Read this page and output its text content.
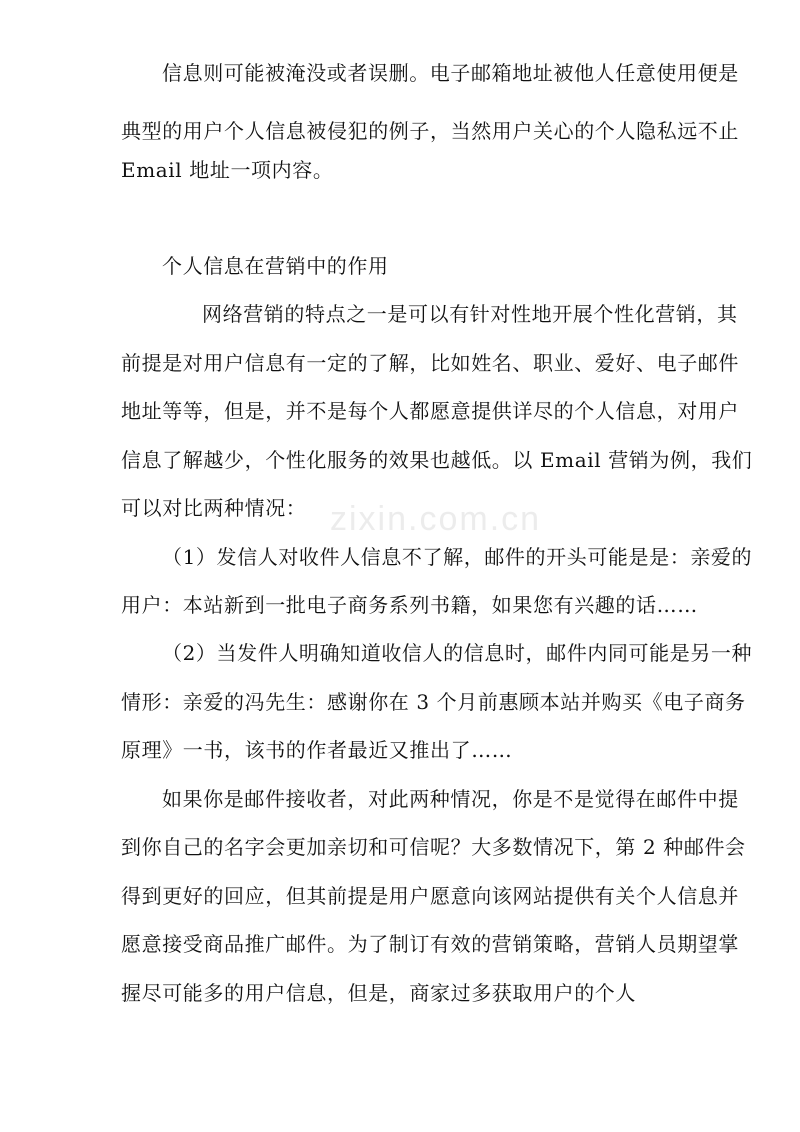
zixin.com.cn
信息则可能被淹没或者误删。电子邮箱地址被他人任意使用便是
典型的用户个人信息被侵犯的例子，当然用户关心的个人隐私远不止
Email 地址一项内容。
个人信息在营销中的作用
网络营销的特点之一是可以有针对性地开展个性化营销，其
前提是对用户信息有一定的了解，比如姓名、职业、爱好、电子邮件
地址等等，但是，并不是每个人都愿意提供详尽的个人信息，对用户
信息了解越少，个性化服务的效果也越低。以 Email 营销为例，我们
可以对比两种情况：
（1）发信人对收件人信息不了解，邮件的开头可能是是：亲爱的
用户：本站新到一批电子商务系列书籍，如果您有兴趣的话……
（2）当发件人明确知道收信人的信息时，邮件内同可能是另一种
情形：亲爱的冯先生：感谢你在 3 个月前惠顾本站并购买《电子商务
原理》一书，该书的作者最近又推出了……
如果你是邮件接收者，对此两种情况，你是不是觉得在邮件中提
到你自己的名字会更加亲切和可信呢？大多数情况下，第 2 种邮件会
得到更好的回应，但其前提是用户愿意向该网站提供有关个人信息并
愿意接受商品推广邮件。为了制订有效的营销策略，营销人员期望掌
握尽可能多的用户信息，但是，商家过多获取用户的个人
